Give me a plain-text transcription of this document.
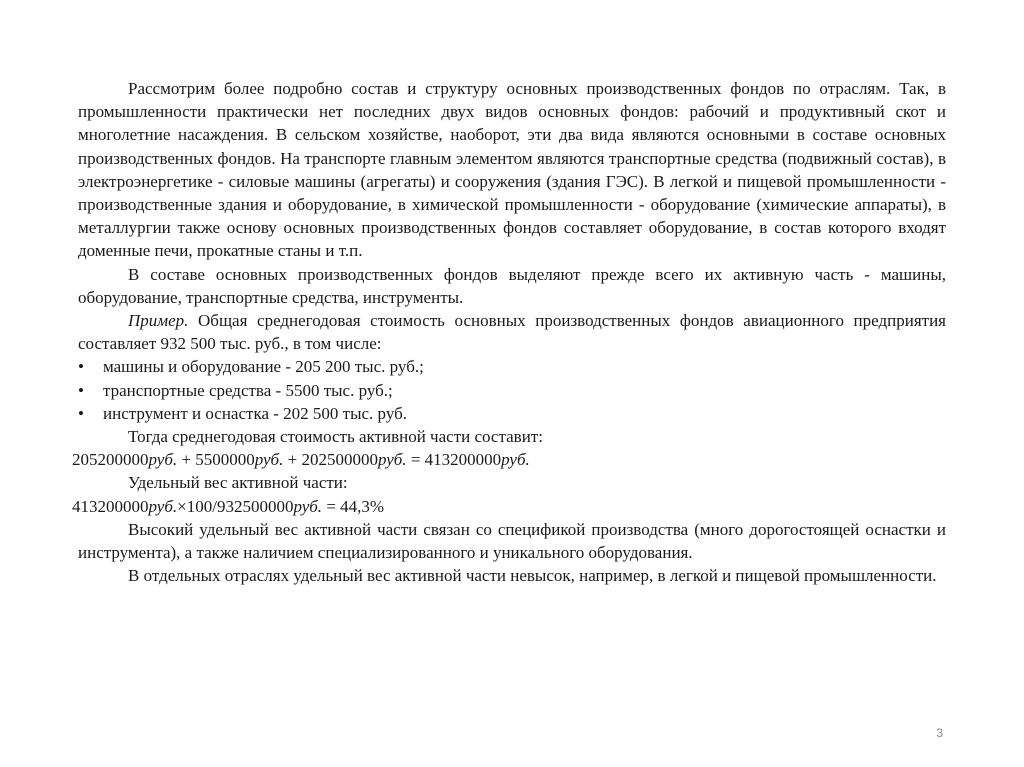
Рассмотрим более подробно состав и структуру основных производственных фондов по отраслям. Так, в промышленности практически нет последних двух видов основных фондов: рабочий и продуктивный скот и многолетние насаждения. В сельском хозяйстве, наоборот, эти два вида являются основными в составе основных производственных фондов. На транспорте главным элементом являются транспортные средства (подвижный состав), в электроэнергетике - силовые машины (агрегаты) и сооружения (здания ГЭС). В легкой и пищевой промышленности - производственные здания и оборудование, в химической промышленности - оборудование (химические аппараты), в металлургии также основу основных производственных фондов составляет оборудование, в состав которого входят доменные печи, прокатные станы и т.п.

В составе основных производственных фондов выделяют прежде всего их активную часть - машины, оборудование, транспортные средства, инструменты.

Пример. Общая среднегодовая стоимость основных производственных фондов авиационного предприятия составляет 932 500 тыс. руб., в том числе:

• машины и оборудование - 205 200 тыс. руб.;
• транспортные средства - 5500 тыс. руб.;
• инструмент и оснастка - 202 500 тыс. руб.

Тогда среднегодовая стоимость активной части составит:

205200000руб. + 5500000руб. + 202500000руб. = 413200000руб.

Удельный вес активной части:

413200000руб.×100/932500000руб. = 44,3%

Высокий удельный вес активной части связан со спецификой производства (много дорогостоящей оснастки и инструмента), а также наличием специализированного и уникального оборудования.

В отдельных отраслях удельный вес активной части невысок, например, в легкой и пищевой промышленности.

3
